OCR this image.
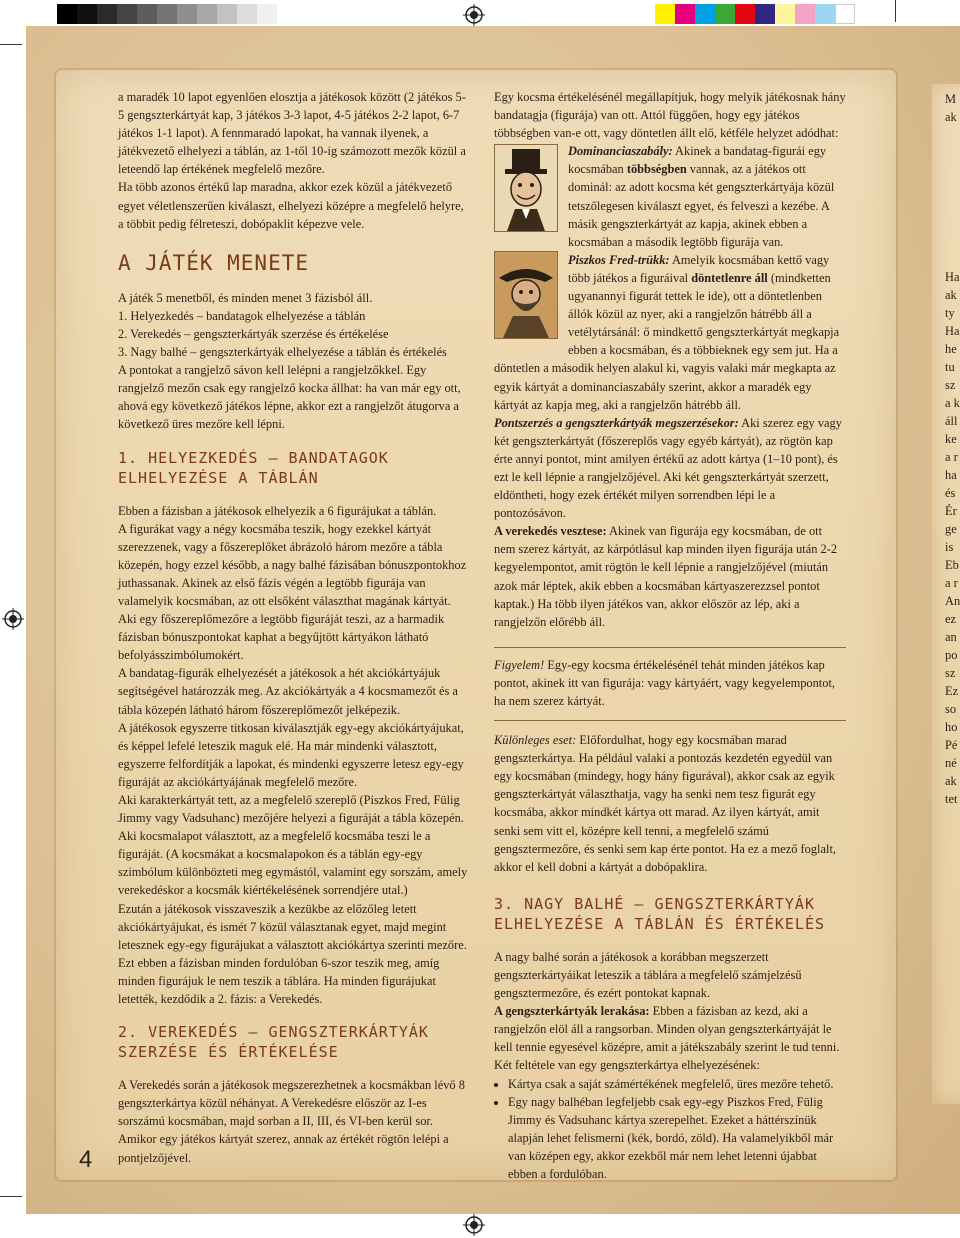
a maradék 10 lapot egyenlően elosztja a játékosok között (2 játékos 5-5 gengszterkártyát kap, 3 játékos 3-3 lapot, 4-5 játékos 2-2 lapot, 6-7 játékos 1-1 lapot). A fennmaradó lapokat, ha vannak ilyenek, a játékvezető elhelyezi a táblán, az 1-től 10-ig számozott mezők közül a leteendő lap értékének megfelelő mezőre.

Ha több azonos értékű lap maradna, akkor ezek közül a játékvezető egyet véletlenszerűen kiválaszt, elhelyezi középre a megfelelő helyre, a többit pedig félreteszi, dobópaklit képezve vele.

A JÁTÉK MENETE

A játék 5 menetből, és minden menet 3 fázisból áll.

1. Helyezkedés – bandatagok elhelyezése a táblán

2. Verekedés – gengszterkártyák szerzése és értékelése

3. Nagy balhé – gengszterkártyák elhelyezése a táblán és értékelés

A pontokat a rangjelző sávon kell lelépni a rangjelzőkkel. Egy rangjelző mezőn csak egy rangjelző kocka állhat: ha van már egy ott, ahová egy következő játékos lépne, akkor ezt a rangjelzőt átugorva a következő üres mezőre kell lépni.

1. HELYEZKEDÉS – BANDATAGOK
ELHELYEZÉSE A TÁBLÁN

Ebben a fázisban a játékosok elhelyezik a 6 figurájukat a táblán.

A figurákat vagy a négy kocsmába teszik, hogy ezekkel kártyát szerezzenek, vagy a főszereplőket ábrázoló három mezőre a tábla közepén, hogy ezzel később, a nagy balhé fázisában bónuszpontokhoz juthassanak. Akinek az első fázis végén a legtöbb figurája van valamelyik kocsmában, az ott elsőként választhat magának kártyát. Aki egy főszereplőmezőre a legtöbb figuráját teszi, az a harmadik fázisban bónuszpontokat kaphat a begyűjtött kártyákon látható befolyásszimbólumokért.

A bandatag-figurák elhelyezését a játékosok a hét akciókártyájuk segítségével határozzák meg. Az akciókártyák a 4 kocsmamezőt és a tábla közepén látható három főszereplőmezőt jelképezik.

A játékosok egyszerre titkosan kiválasztják egy-egy akciókártyájukat, és képpel lefelé leteszik maguk elé. Ha már mindenki választott, egyszerre felfordítják a lapokat, és mindenki egyszerre letesz egy-egy figuráját az akciókártyájának megfelelő mezőre.

Aki karakterkártyát tett, az a megfelelő szereplő (Piszkos Fred, Fülig Jimmy vagy Vadsuhanc) mezőjére helyezi a figuráját a tábla közepén. Aki kocsmalapot választott, az a megfelelő kocsmába teszi le a figuráját. (A kocsmákat a kocsmalapokon és a táblán egy-egy szimbólum különbözteti meg egymástól, valamint egy sorszám, amely verekedéskor a kocsmák kiértékelésének sorrendjére utal.)

Ezután a játékosok visszaveszik a kezükbe az előzőleg letett akciókártyájukat, és ismét 7 közül választanak egyet, majd megint letesznek egy-egy figurájukat a választott akciókártya szerinti mezőre.

Ezt ebben a fázisban minden fordulóban 6-szor teszik meg, amíg minden figurájuk le nem teszik a táblára. Ha minden figurájukat letették, kezdődik a 2. fázis: a Verekedés.

2. VEREKEDÉS – GENGSZTERKÁRTYÁK
SZERZÉSE ÉS ÉRTÉKELÉSE

A Verekedés során a játékosok megszerezhetnek a kocsmákban lévő 8 gengszterkártya közül néhányat. A Verekedésre először az I-es sorszámú kocsmában, majd sorban a II, III, és VI-ben kerül sor. Amikor egy játékos kártyát szerez, annak az értékét rögtön lelépi a pontjelzőjével.

Egy kocsma értékelésénél megállapítjuk, hogy melyik játékosnak hány bandatagja (figurája) van ott. Attól függően, hogy egy játékos többségben van-e ott, vagy döntetlen állt elő, kétféle helyzet adódhat:

Dominanciaszabály: Akinek a bandatag-figurái egy kocsmában többségben vannak, az a játékos ott dominál: az adott kocsma két gengszterkártyája közül tetszőlegesen kiválaszt egyet, és felveszi a kezébe. A másik gengszterkártyát az kapja, akinek ebben a kocsmában a második legtöbb figurája van.

Piszkos Fred-trükk: Amelyik kocsmában kettő vagy több játékos a figuráival döntetlenre áll (mindketten ugyanannyi figurát tettek le ide), ott a döntetlenben állók közül az nyer, aki a rangjelzőn hátrébb áll a vetélytársánál: ő mindkettő gengszterkártyát megkapja ebben a kocsmában, és a többieknek egy sem jut. Ha a döntetlen a második helyen alakul ki, vagyis valaki már megkapta az egyik kártyát a dominanciaszabály szerint, akkor a maradék egy kártyát az kapja meg, aki a rangjelzőn hátrébb áll.

Pontszerzés a gengszterkártyák megszerzésekor: Aki szerez egy vagy két gengszterkártyát (főszereplős vagy egyéb kártyát), az rögtön kap érte annyi pontot, mint amilyen értékű az adott kártya (1–10 pont), és ezt le kell lépnie a rangjelzőjével. Aki két gengszterkártyát szerzett, eldöntheti, hogy ezek értékét milyen sorrendben lépi le a pontozósávon.

A verekedés vesztese: Akinek van figurája egy kocsmában, de ott nem szerez kártyát, az kárpótlásul kap minden ilyen figurája után 2-2 kegyelempontot, amit rögtön le kell lépnie a rangjelzőjével (miután azok már léptek, akik ebben a kocsmában kártyaszerezzsel pontot kaptak.) Ha több ilyen játékos van, akkor először az lép, aki a rangjelzőn előrébb áll.

Figyelem! Egy-egy kocsma értékelésénél tehát minden játékos kap pontot, akinek itt van figurája: vagy kártyáért, vagy kegyelempontot, ha nem szerez kártyát.

Különleges eset: Előfordulhat, hogy egy kocsmában marad gengszterkártya. Ha például valaki a pontozás kezdetén egyedül van egy kocsmában (mindegy, hogy hány figurával), akkor csak az egyik gengszterkártyát választhatja, vagy ha senki nem tesz figurát egy kocsmába, akkor mindkét kártya ott marad. Az ilyen kártyát, amit senki sem vitt el, középre kell tenni, a megfelelő számú gengsztermezőre, és senki sem kap érte pontot. Ha ez a mező foglalt, akkor el kell dobni a kártyát a dobópaklira.

3. NAGY BALHÉ – GENGSZTERKÁRTYÁK
ELHELYEZÉSE A TÁBLÁN ÉS ÉRTÉKELÉS

A nagy balhé során a játékosok a korábban megszerzett gengszterkártyáikat leteszik a táblára a megfelelő számjelzésű gengsztermezőre, és ezért pontokat kapnak.

A gengszterkártyák lerakása: Ebben a fázisban az kezd, aki a rangjelzőn elöl áll a rangsorban. Minden olyan gengszterkártyáját le kell tennie egyesével középre, amit a játékszabály szerint le tud tenni.

Két feltétele van egy gengszterkártya elhelyezésének:

• Kártya csak a saját számértékének megfelelő, üres mezőre tehető.
• Egy nagy balhéban legfeljebb csak egy-egy Piszkos Fred, Fülig Jimmy és Vadsuhanc kártya szerepelhet. Ezeket a háttérszínük alapján lehet felismerni (kék, bordó, zöld). Ha valamelyikből már van középen egy, akkor ezekből már nem lehet letenni újabbat ebben a fordulóban.
4
M
ak
Ha
ak
ty
Ha
he
tu
sz
a k
áll
ke
a r
ha
és
Ér
ge
is
Eb
a r
An
ez
an
po
sz
Ez
so
ho
Pé
né
ak
tet
